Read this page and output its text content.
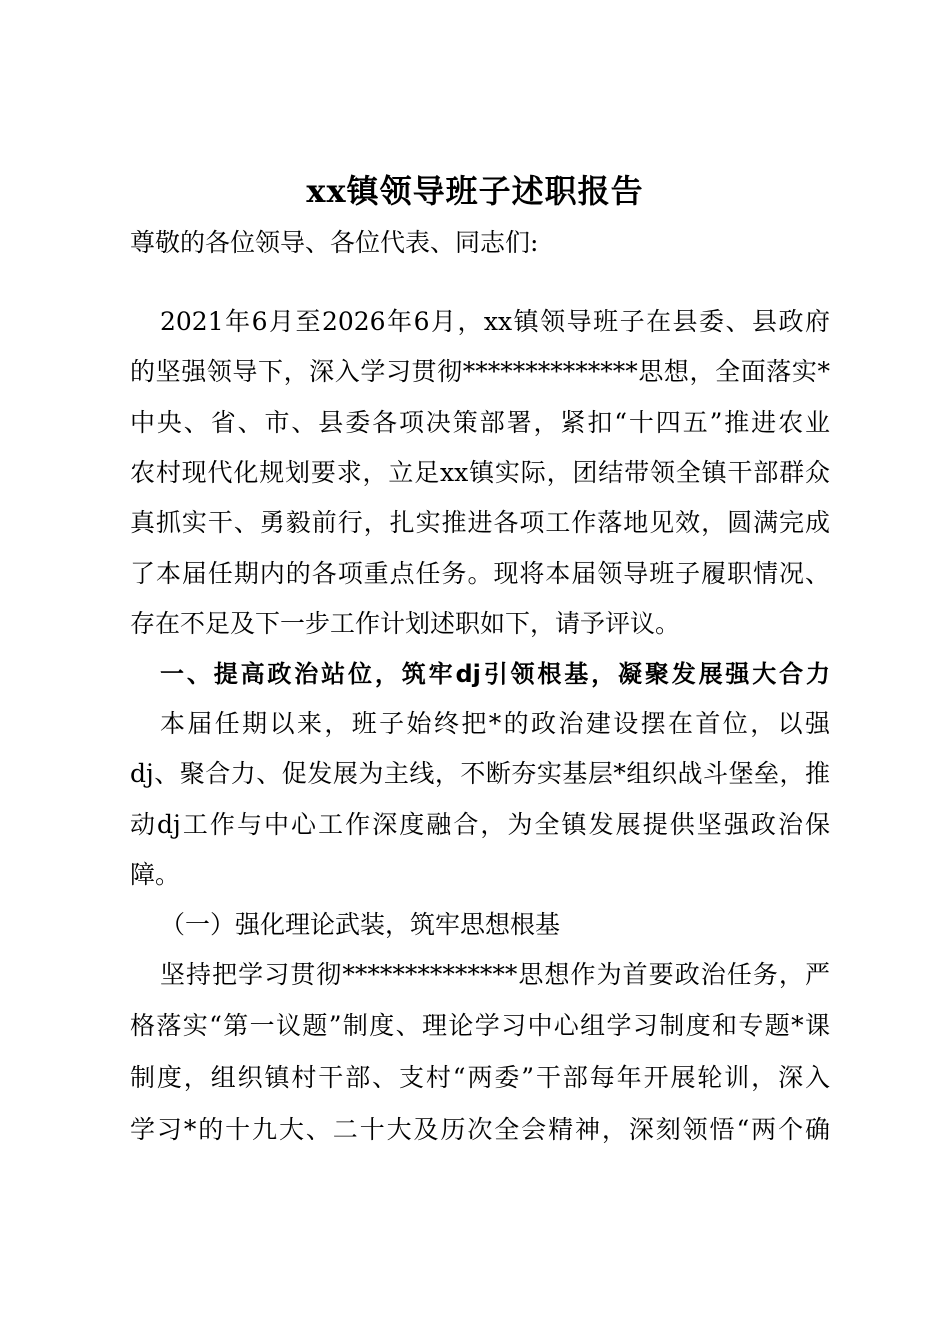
xx镇领导班子述职报告
尊敬的各位领导、各位代表、同志们:
2021年6月至2026年6月，xx镇领导班子在县委、县政府
的坚强领导下，深入学习贯彻**************思想，全面落实*
中央、省、市、县委各项决策部署，紧扣“十四五”推进农业
农村现代化规划要求，立足xx镇实际，团结带领全镇干部群众
真抓实干、勇毅前行，扎实推进各项工作落地见效，圆满完成
了本届任期内的各项重点任务。现将本届领导班子履职情况、
存在不足及下一步工作计划述职如下，请予评议。
一、提高政治站位，筑牢dj引领根基，凝聚发展强大合力
本届任期以来，班子始终把*的政治建设摆在首位，以强
dj、聚合力、促发展为主线，不断夯实基层*组织战斗堡垒，推
动dj工作与中心工作深度融合，为全镇发展提供坚强政治保
障。
（一）强化理论武装，筑牢思想根基
坚持把学习贯彻**************思想作为首要政治任务，严
格落实“第一议题”制度、理论学习中心组学习制度和专题*课
制度，组织镇村干部、支村“两委”干部每年开展轮训，深入
学习*的十九大、二十大及历次全会精神，深刻领悟“两个确
